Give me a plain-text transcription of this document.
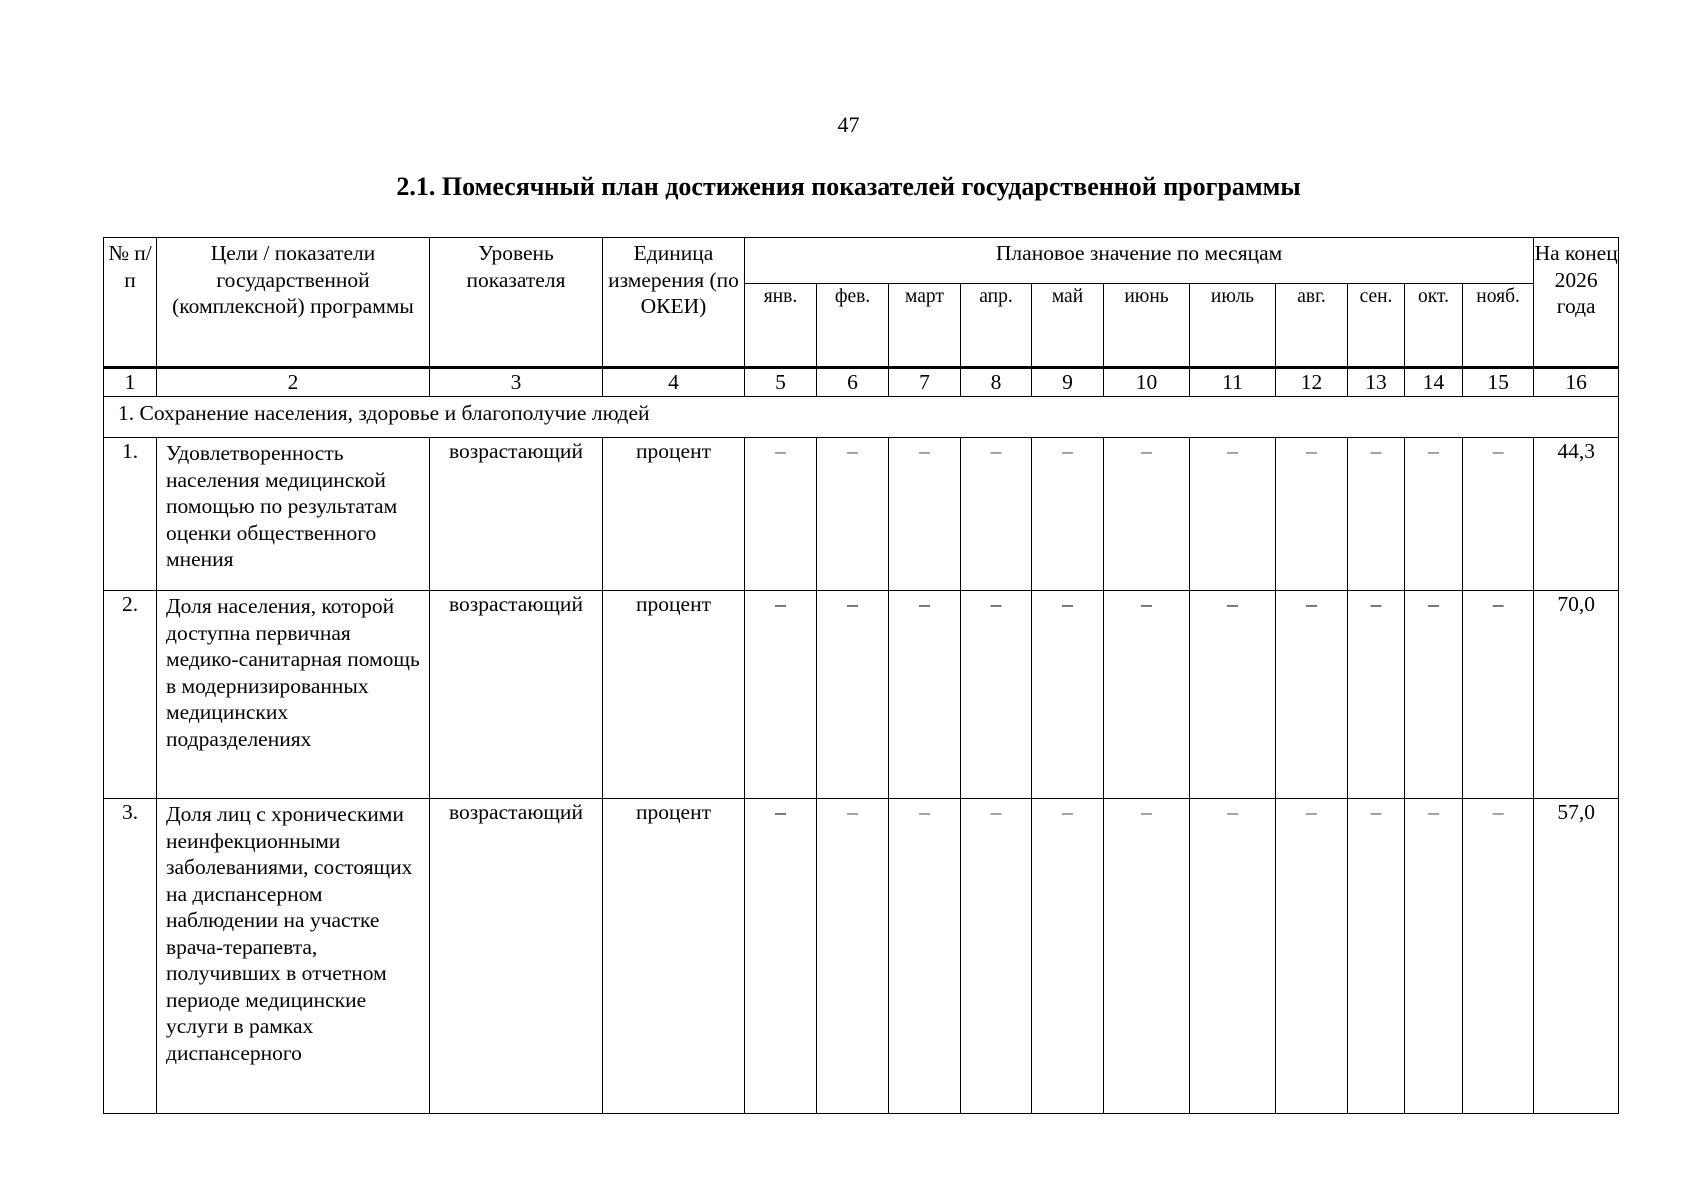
47
2.1. Помесячный план достижения показателей государственной программы
№ п/п	Цели / показатели государственной (комплексной) программы	Уровень показателя	Единица измерения (по ОКЕИ)	Плановое значение по месяцам											На конец 2026 года
				янв.	фев.	март	апр.	май	июнь	июль	авг.	сен.	окт.	нояб.	
1	2	3	4	5	6	7	8	9	10	11	12	13	14	15	16
1. Сохранение населения, здоровье и благополучие людей															
1.	Удовлетворенность населения медицинской помощью по результатам оценки общественного мнения	возрастающий	процент	–	–	–	–	–	–	–	–	–	–	–	44,3
2.	Доля населения, которой доступна первичная медико-санитарная помощь в модернизированных медицинских подразделениях	возрастающий	процент	–	–	–	–	–	–	–	–	–	–	–	70,0
3.	Доля лиц с хроническими неинфекционными заболеваниями, состоящих на диспансерном наблюдении на участке врача-терапевта, получивших в отчетном периоде медицинские услуги в рамках диспансерного	возрастающий	процент	–	–	–	–	–	–	–	–	–	–	–	57,0
